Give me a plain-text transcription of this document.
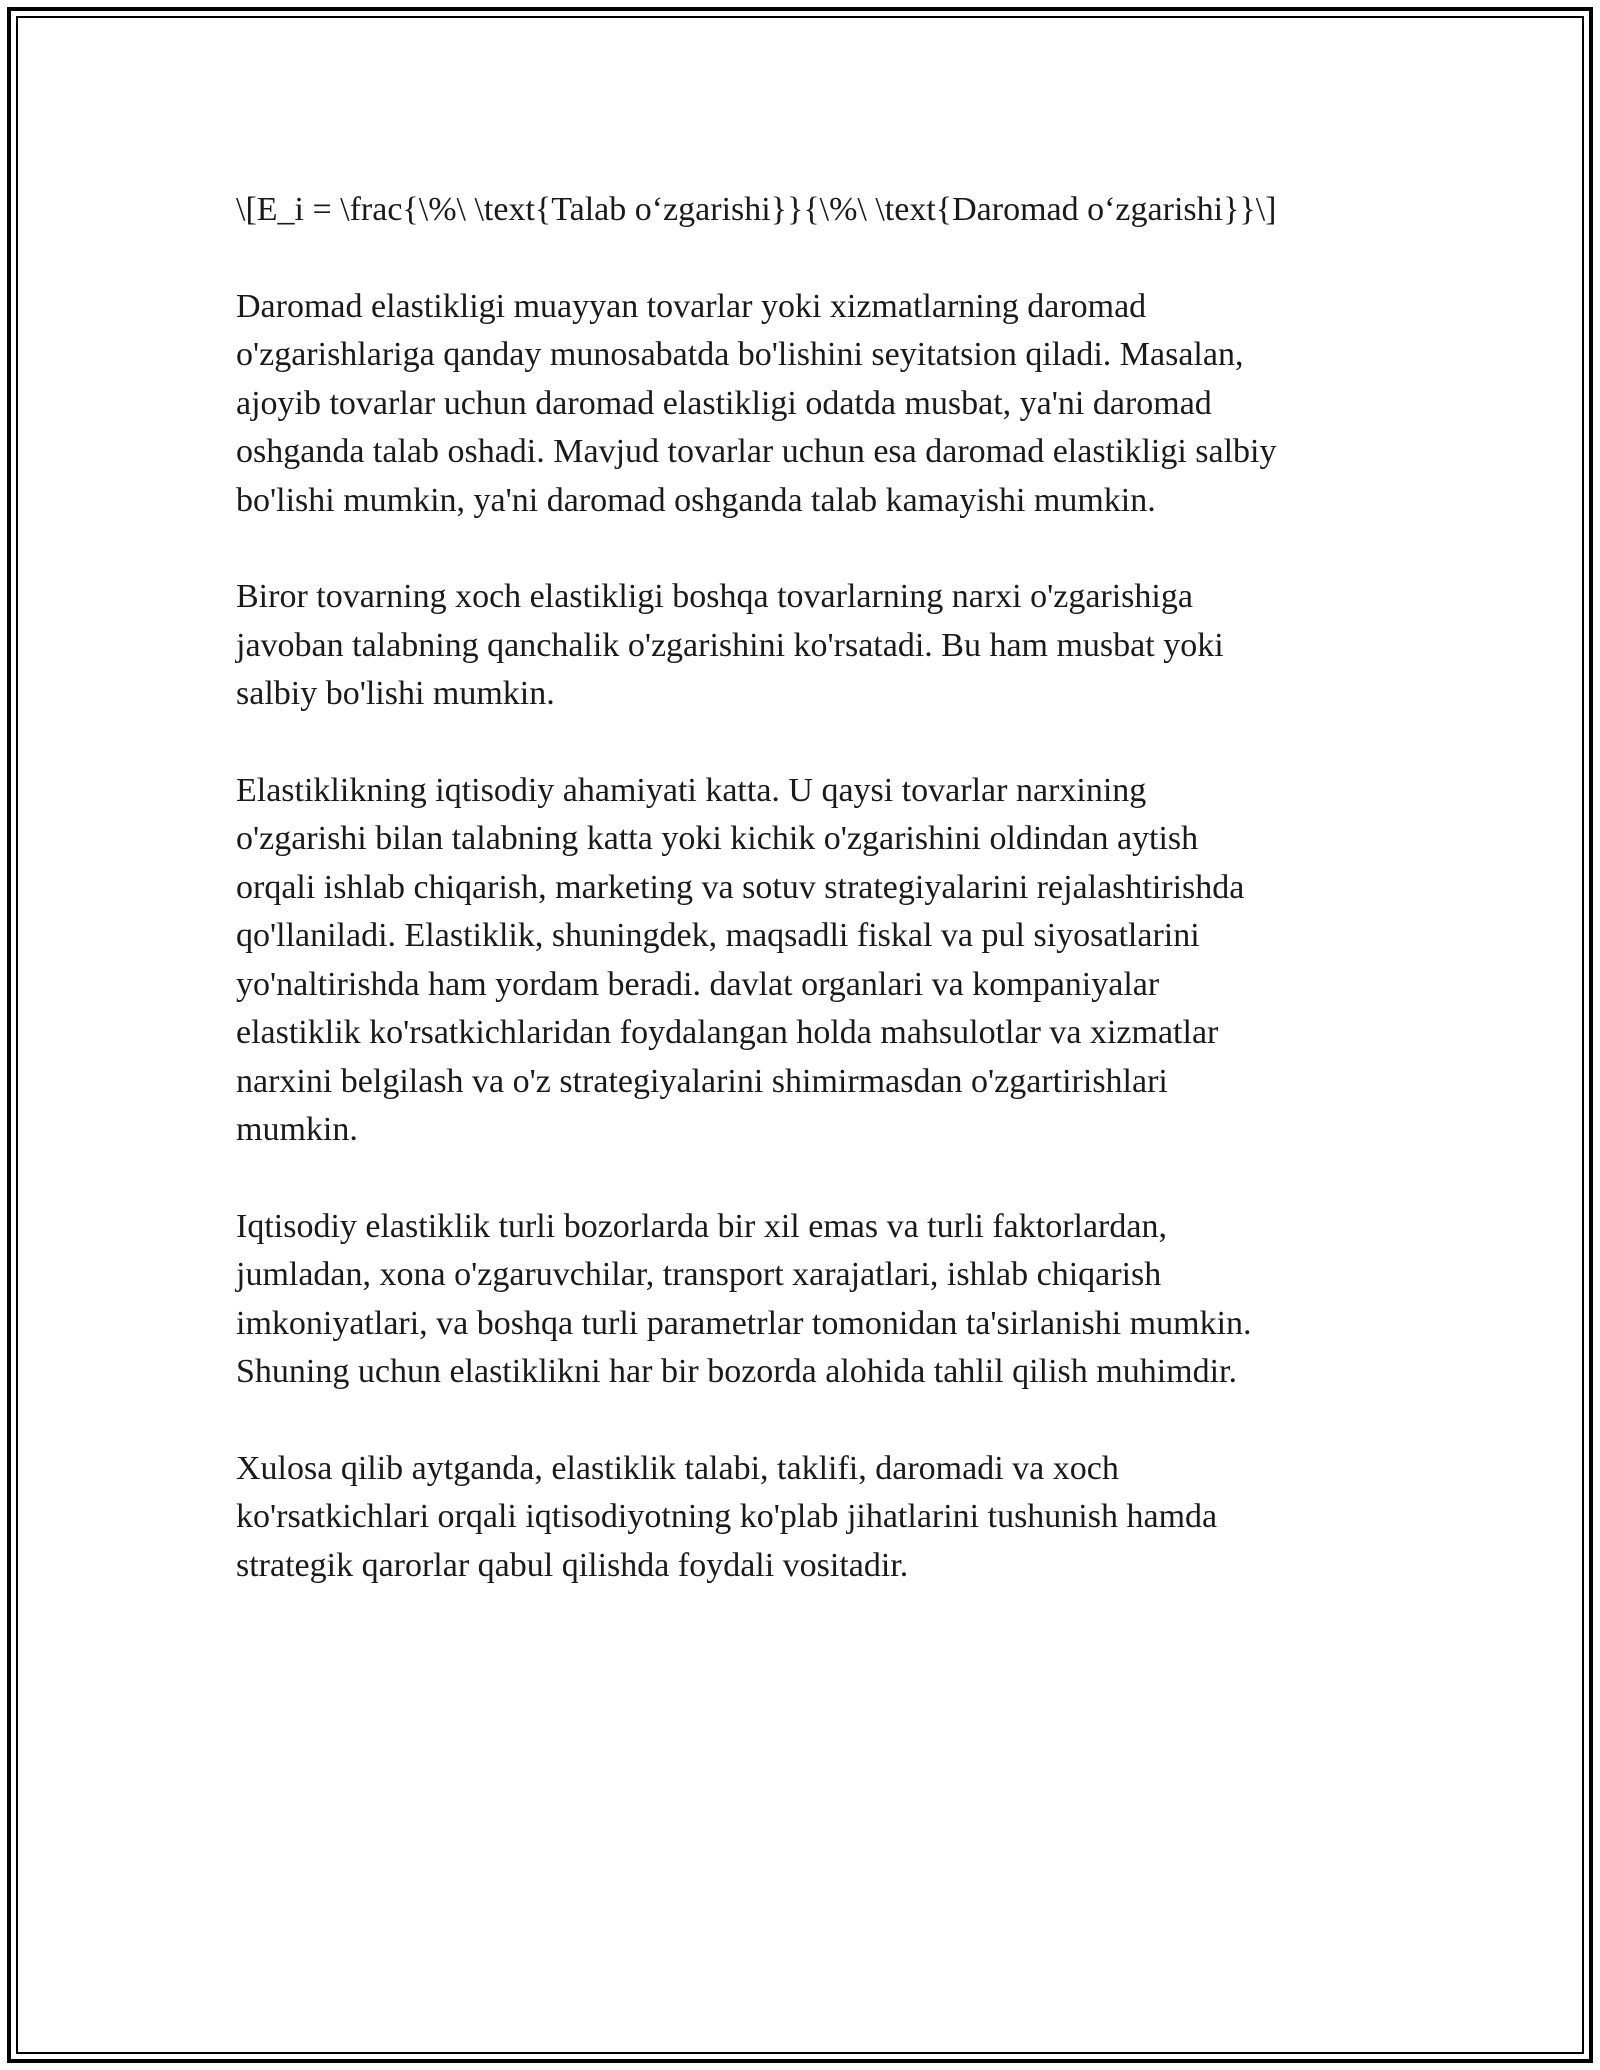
\[E_i = \frac{\%\ \text{Talab o‘zgarishi}}{\%\ \text{Daromad o‘zgarishi}}\]

Daromad elastikligi muayyan tovarlar yoki xizmatlarning daromad
o'zgarishlariga qanday munosabatda bo'lishini seyitatsion qiladi. Masalan,
ajoyib tovarlar uchun daromad elastikligi odatda musbat, ya'ni daromad
oshganda talab oshadi. Mavjud tovarlar uchun esa daromad elastikligi salbiy
bo'lishi mumkin, ya'ni daromad oshganda talab kamayishi mumkin.

Biror tovarning xoch elastikligi boshqa tovarlarning narxi o'zgarishiga
javoban talabning qanchalik o'zgarishini ko'rsatadi. Bu ham musbat yoki
salbiy bo'lishi mumkin.

Elastiklikning iqtisodiy ahamiyati katta. U qaysi tovarlar narxining
o'zgarishi bilan talabning katta yoki kichik o'zgarishini oldindan aytish
orqali ishlab chiqarish, marketing va sotuv strategiyalarini rejalashtirishda
qo'llaniladi. Elastiklik, shuningdek, maqsadli fiskal va pul siyosatlarini
yo'naltirishda ham yordam beradi. davlat organlari va kompaniyalar
elastiklik ko'rsatkichlaridan foydalangan holda mahsulotlar va xizmatlar
narxini belgilash va o'z strategiyalarini shimirmasdan o'zgartirishlari
mumkin.

Iqtisodiy elastiklik turli bozorlarda bir xil emas va turli faktorlardan,
jumladan, xona o'zgaruvchilar, transport xarajatlari, ishlab chiqarish
imkoniyatlari, va boshqa turli parametrlar tomonidan ta'sirlanishi mumkin.
Shuning uchun elastiklikni har bir bozorda alohida tahlil qilish muhimdir.

Xulosa qilib aytganda, elastiklik talabi, taklifi, daromadi va xoch
ko'rsatkichlari orqali iqtisodiyotning ko'plab jihatlarini tushunish hamda
strategik qarorlar qabul qilishda foydali vositadir.
